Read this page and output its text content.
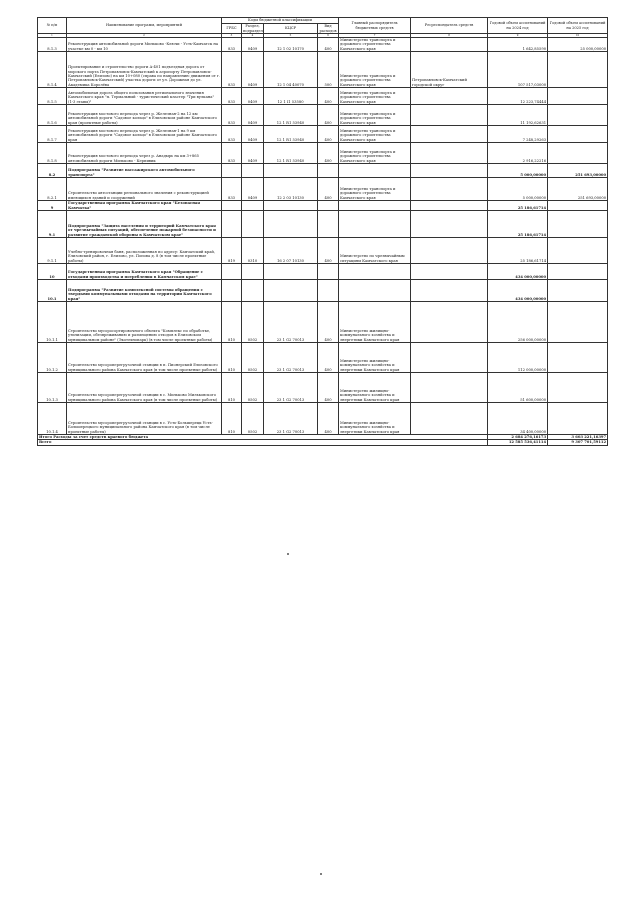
№ п/п	Наименование программ, мероприятий	Коды бюджетной классификации				Главный распорядитель бюджетных средств	Ресреспондатель средств	Годовой объем ассигнований на 2024 год	Годовой объем ассигнований на 2025 год
		ГРБС	Раздел, подраздел	КЦСР	Вид расходов				
1	2	3	4	5	6	7	8	9	10
8.1.3	Реконструкция автомобильной дороги Мильково -Ключи - Усть-Камчатск на участке км 0 - км 10	833	0409	12 1 02 10170	400	Министерство транспорта и дорожного строительства Камчатского края		1 642,85590	25 000,00000
8.1.4	Проектирование и строительство дороги А-401 подъездная дорога от морского порта Петропавловск-Камчатский к аэропорту Петропавловск-Камчатский (Елизово) на км 10+080 (справа по направлению движения от г. Петропавловск-Камчатский) участка дороги от ул. Дорожная до ул. Академика Королёва	833	0409	12 1 04 40070	500	Министерство транспорта и дорожного строительства Камчатского края	Петропавловск-Камчатский городской округ	107 517,03000	
8.1.5	Автомобильная дорога общего пользования регионального значения Камчатского края "п. Термальный - туристический кластер "Три вулкана" (1-3 этапы)"	833	0409	12 1 I1 53580	400	Министерство транспорта и дорожного строительства Камчатского края		12 223,74444	
8.1.6	Реконструкция мостового перехода через р. Железная-2 на 12 км автомобильной дороги "Садовое кольцо" в Елизовском районе Камчатского края (проектные работы)	833	0409	12 1 R1 53940	400	Министерство транспорта и дорожного строительства Камчатского края		11 192,62631	
8.1.7	Реконструкция мостового перехода через р. Железная-1 на 9 км автомобильной дороги "Садовое кольцо" в Елизовском районе Камчатского края	833	0409	12 1 R1 53940	400	Министерство транспорта и дорожного строительства Камчатского края		7 248,29263	
8.1.8	Реконструкция мостового перехода через р. Анадырь на км 3+865 автомобильной дороги Мильково - Керпивик	833	0409	12 1 R1 53940	400	Министерство транспорта и дорожного строительства Камчатского края		2 916,22216	
8.2	Подпрограмма "Развитие пассажирского автомобильного транспорта"							5 000,00000	251 693,00000
8.2.1	Строительство автостанции регионального значения с реконструкцией имеющихся зданий и сооружений	833	0409	12 2 03 10130	400	Министерство транспорта и дорожного строительства Камчатского края		5 000,00000	251 693,00000
9	Государственная программа Камчатского края "Безопасная Камчатка"							25 186,61714	
9.1	Подпрограмма "Защита населения и территорий Камчатского края от чрезвычайных ситуаций, обеспечение пожарной безопасности и развитие гражданской обороны в Камчатском крае"							25 186,61714	
9.1.1	Учебно-тренировочная баня, расположенная по адресу: Камчатский край, Елизовский район, г. Елизово, ул. Попова д. 8 (в том числе проектные работы)	819	0310	16 2 07 10130	400	Министерство по чрезвычайным ситуациям Камчатского края		25 186,61714	
10	Государственная программа Камчатского края "Обращение с отходами производства и потребления в Камчатском крае"							434 000,00000	
10.1	Подпрограмма "Развитие комплексной системы обращения с твердыми коммунальными отходами на территории Камчатского края"							434 000,00000	
10.1.1	Строительство мусоросортировочного объекта "Комплекс по обработке, утилизации, обезвреживанию и размещению отходов в Елизовском муниципальном районе" (Экотехнопарк) (в том числе проектные работы)	810	0502	23 1 G2 70013	400	Министерство жилищно-коммунального хозяйства и энергетики Камчатского края		256 000,00000	
10.1.2	Строительство мусороперегрузочной станции в п. Пионерский Елизовского муниципального района Камчатского края (в том числе проектные работы)	810	0502	23 1 G2 70013	400	Министерство жилищно-коммунального хозяйства и энергетики Камчатского края		112 000,00000	
10.1.3	Строительство мусороперегрузочной станции в с. Мильково Мильковского муниципального района Камчатского края (в том числе проектные работы)	810	0502	23 1 G2 70013	400	Министерство жилищно-коммунального хозяйства и энергетики Камчатского края		51 600,00000	
10.1.4	Строительство мусороперегрузочной станции в с. Усть-Большерецк Усть-Большерецкого муниципального района Камчатского края (в том числе проектные работы)	810	0502	23 1 G2 70013	400	Министерство жилищно-коммунального хозяйства и энергетики Камчатского края		34 400,00000	
Итого Расходы за счет средств краевого бюджета								2 684 276,16173	3 603 221,16397
Всего								12 585 536,41114	9 307 701,59112
